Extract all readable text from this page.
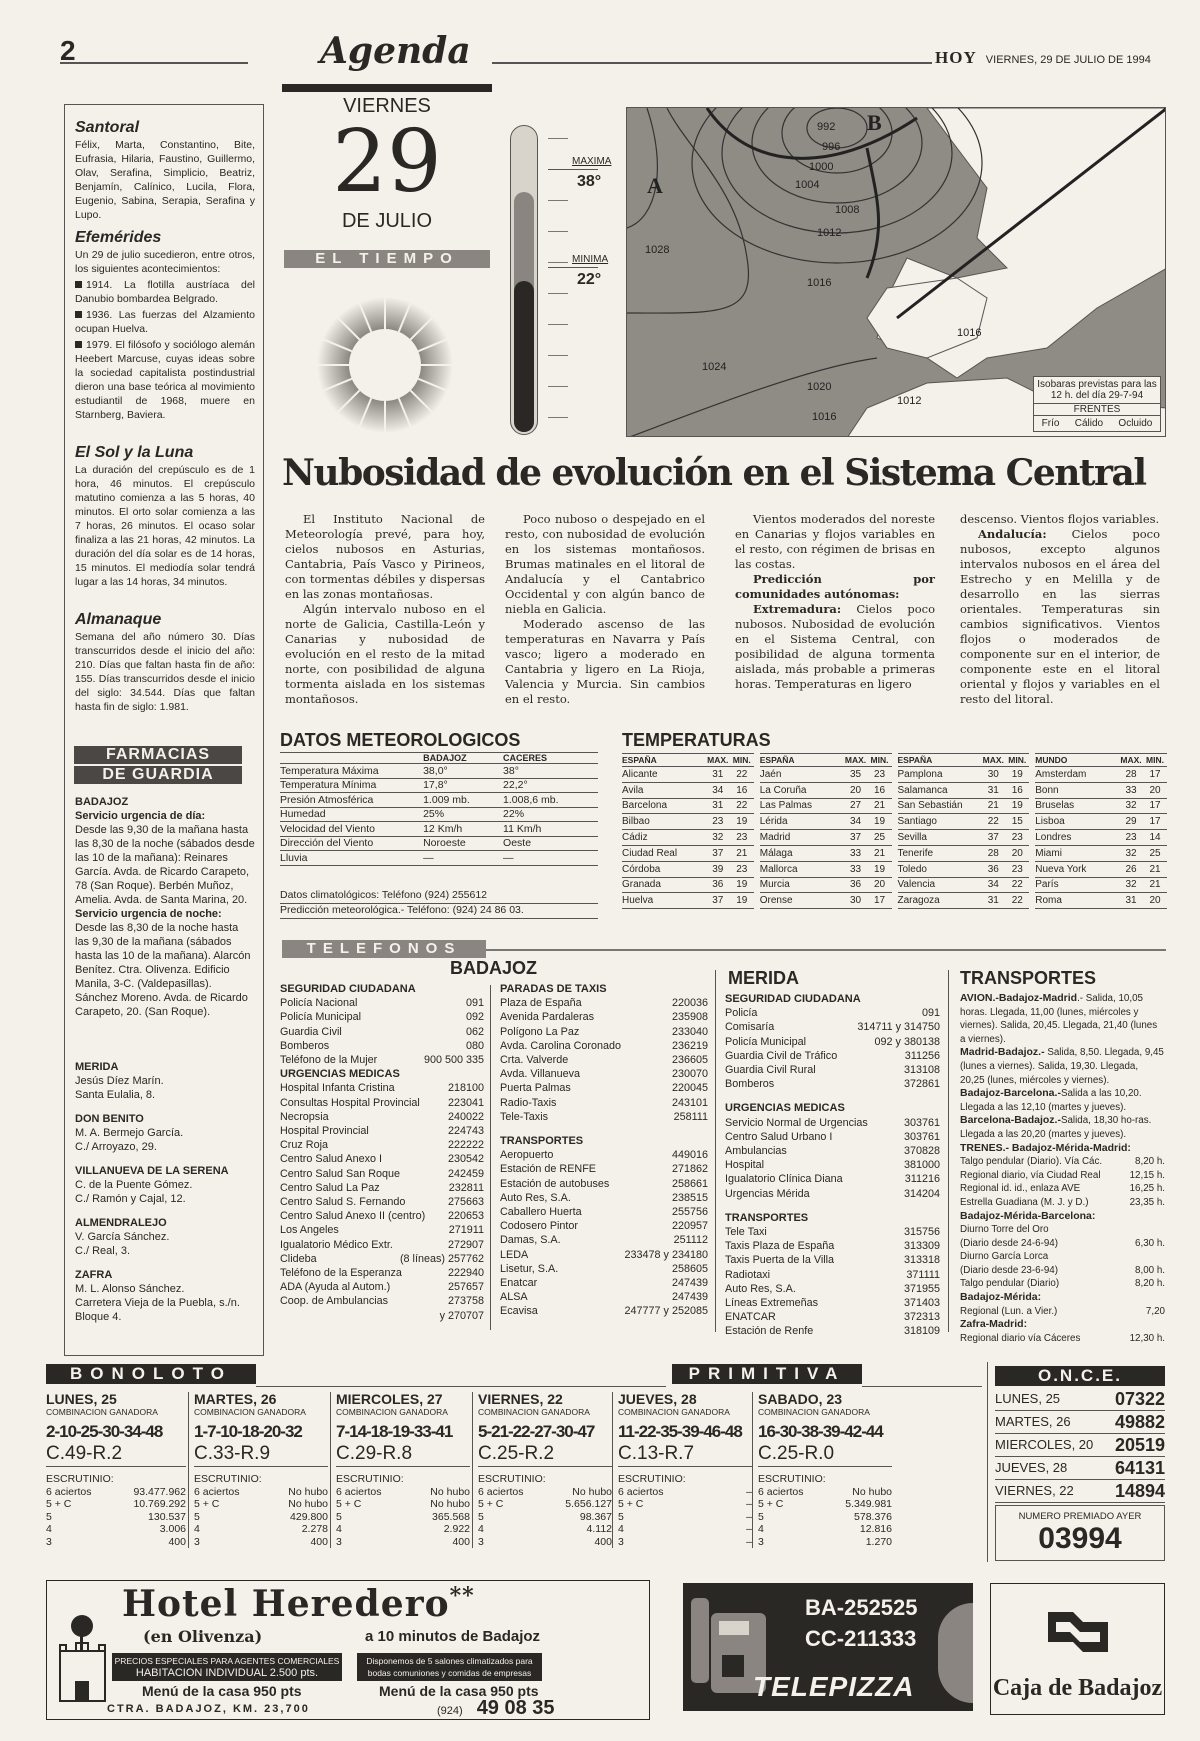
2	Agenda	HOY VIERNES, 29 DE JULIO DE 1994
Santoral

Félix, Marta, Constantino, Bite, Eufrasia, Hilaria, Faustino, Guillermo, Olav, Serafina, Simplicio, Beatriz, Benjamín, Calínico, Lucila, Flora, Eugenio, Sabina, Serapia, Serafina y Lupo.

Efemérides

Un 29 de julio sucedieron, entre otros, los siguientes acontecimientos:

1914. La flotilla austríaca del Danubio bombardea Belgrado.

1936. Las fuerzas del Alzamiento ocupan Huelva.

1979. El filósofo y sociólogo alemán Heebert Marcuse, cuyas ideas sobre la sociedad capitalista postindustrial dieron una base teórica al movimiento estudiantil de 1968, muere en Starnberg, Baviera.

El Sol y la Luna

La duración del crepúsculo es de 1 hora, 46 minutos. El crepúsculo matutino comienza a las 5 horas, 40 minutos. El orto solar comienza a las 7 horas, 26 minutos. El ocaso solar finaliza a las 21 horas, 42 minutos. La duración del día solar es de 14 horas, 15 minutos. El mediodía solar tendrá lugar a las 14 horas, 34 minutos.

Almanaque

Semana del año número 30. Días transcurridos desde el inicio del año: 210. Días que faltan hasta fin de año: 155. Días transcurridos desde el inicio del siglo: 34.544. Días que faltan hasta fin de siglo: 1.981.

FARMACIAS
DE GUARDIA
BADAJOZ
Servicio urgencia de día:
Desde las 9,30 de la mañana hasta las 8,30 de la noche (sábados desde las 10 de la mañana): Reinares García. Avda. de Ricardo Carapeto, 78 (San Roque). Berbén Muñoz, Amelia. Avda. de Santa Marina, 20.
Servicio urgencia de noche:
Desde las 8,30 de la noche hasta las 9,30 de la mañana (sábados hasta las 10 de la mañana). Alarcón Benítez. Ctra. Olivenza. Edificio Manila, 3-C. (Valdepasillas). Sánchez Moreno. Avda. de Ricardo Carapeto, 20. (San Roque).
MERIDA
Jesús Díez Marín.
Santa Eulalia, 8.
DON BENITO
M. A. Bermejo García.
C./ Arroyazo, 29.
VILLANUEVA DE LA SERENA
C. de la Puente Gómez.
C./ Ramón y Cajal, 12.
ALMENDRALEJO
V. García Sánchez.
C./ Real, 3.
ZAFRA
M. L. Alonso Sánchez.
Carretera Vieja de la Puebla, s./n. Bloque 4.
VIERNES
29
DE JULIO
EL TIEMPO
MAXIMA
38°
MINIMA
22°
A
B
992
996
1000
1004
1008
1012
1016
1016
1024
1020
1028
1016
1012
Isobaras previstas para las 12 h. del día 29-7-94
FRENTES
Frío Cálido Ocluido
Nubosidad de evolución en el Sistema Central

El Instituto Nacional de Meteorología prevé, para hoy, cielos nubosos en Asturias, Cantabria, País Vasco y Pirineos, con tormentas débiles y dispersas en las zonas montañosas.

Algún intervalo nuboso en el norte de Galicia, Castilla-León y Canarias y nubosidad de evolución en el resto de la mitad norte, con posibilidad de alguna tormenta aislada en los sistemas montañosos.

Poco nuboso o despejado en el resto, con nubosidad de evolución en los sistemas montañosos. Brumas matinales en el litoral de Andalucía y el Cantabrico Occidental y con algún banco de niebla en Galicia.

Moderado ascenso de las temperaturas en Navarra y País vasco; ligero a moderado en Cantabria y ligero en La Rioja, Valencia y Murcia. Sin cambios en el resto.

Vientos moderados del noreste en Canarias y flojos variables en el resto, con régimen de brisas en las costas.

Predicción por comunidades autónomas:

Extremadura: Cielos poco nubosos. Nubosidad de evolución en el Sistema Central, con posibilidad de alguna tormenta aislada, más probable a primeras horas. Temperaturas en ligero

descenso. Vientos flojos variables.

Andalucía: Cielos poco nubosos, excepto algunos intervalos nubosos en el área del Estrecho y en Melilla y de desarrollo en las sierras orientales. Temperaturas sin cambios significativos. Vientos flojos o moderados de componente sur en el interior, de componente este en el litoral oriental y flojos y variables en el resto del litoral.

DATOS METEOROLOGICOS
	BADAJOZ	CACERES
Temperatura Máxima	38,0°	38°
Temperatura Mínima	17,8°	22,2°
Presión Atmosférica	1.009 mb.	1.008,6 mb.
Humedad	25%	22%
Velocidad del Viento	12 Km/h	11 Km/h
Dirección del Viento	Noroeste	Oeste
Lluvia	—	—
Datos climatológicos: Teléfono (924) 255612
Predicción meteorológica.- Teléfono: (924) 24 86 03.
TEMPERATURAS
ESPAÑA	MAX.	MIN.
Alicante	31	22
Avila	34	16
Barcelona	31	22
Bilbao	23	19
Cádiz	32	23
Ciudad Real	37	21
Córdoba	39	23
Granada	36	19
Huelva	37	19
ESPAÑA	MAX.	MIN.
Jaén	35	23
La Coruña	20	16
Las Palmas	27	21
Lérida	34	19
Madrid	37	25
Málaga	33	21
Mallorca	33	19
Murcia	36	20
Orense	30	17
ESPAÑA	MAX.	MIN.
Pamplona	30	19
Salamanca	31	16
San Sebastián	21	19
Santiago	22	15
Sevilla	37	23
Tenerife	28	20
Toledo	36	23
Valencia	34	22
Zaragoza	31	22
MUNDO	MAX.	MIN.
Amsterdam	28	17
Bonn	33	20
Bruselas	32	17
Lisboa	29	17
Londres	23	14
Miami	32	25
Nueva York	26	21
París	32	21
Roma	31	20
TELEFONOS
BADAJOZ
SEGURIDAD CIUDADANA
Policía Nacional	091
Policía Municipal	092
Guardia Civil	062
Bomberos	080
Teléfono de la Mujer	900 500 335
URGENCIAS MEDICAS
Hospital Infanta Cristina	218100
Consultas Hospital Provincial	223041
Necropsia	240022
Hospital Provincial	224743
Cruz Roja	222222
Centro Salud Anexo I	230542
Centro Salud San Roque	242459
Centro Salud La Paz	232811
Centro Salud S. Fernando	275663
Centro Salud Anexo II (centro) 220653
Los Angeles	271911
Igualatorio Médico Extr.	272907
Clideba	(8 líneas) 257762
Teléfono de la Esperanza	222940
ADA (Ayuda al Autom.)	257657
Coop. de Ambulancias	273758
y 270707
PARADAS DE TAXIS
Plaza de España	220036
Avenida Pardaleras	235908
Polígono La Paz	233040
Avda. Carolina Coronado	236219
Crta. Valverde	236605
Avda. Villanueva	230070
Puerta Palmas	220045
Radio-Taxis	243101
Tele-Taxis	258111
TRANSPORTES
Aeropuerto	449016
Estación de RENFE	271862
Estación de autobuses	258661
Auto Res, S.A.	238515
Caballero Huerta	255756
Codosero Pintor	220957
Damas, S.A.	251112
LEDA	233478 y 234180
Lisetur, S.A.	258605
Enatcar	247439
ALSA	247439
Ecavisa	247777 y 252085
MERIDA
SEGURIDAD CIUDADANA
Policía	091
Comisaría	314711 y 314750
Policía Municipal	092 y 380138
Guardia Civil de Tráfico	311256
Guardia Civil Rural	313108
Bomberos	372861
URGENCIAS MEDICAS
Servicio Normal de Urgencias	303761
Centro Salud Urbano I	303761
Ambulancias	370828
Hospital	381000
Igualatorio Clínica Diana	311216
Urgencias Mérida	314204
TRANSPORTES
Tele Taxi	315756
Taxis Plaza de España	313309
Taxis Puerta de la Villa	313318
Radiotaxi	371111
Auto Res, S.A.	371955
Líneas Extremeñas	371403
ENATCAR	372313
Estación de Renfe	318109
TRANSPORTES
AVION.-Badajoz-Madrid.- Salida, 10,05 horas. Llegada, 11,00 (lunes, miércoles y viernes). Salida, 20,45. Llegada, 21,40 (lunes a viernes).
Madrid-Badajoz.- Salida, 8,50. Llegada, 9,45 (lunes a viernes). Salida, 19,30. Llegada, 20,25 (lunes, miércoles y viernes).
Badajoz-Barcelona.-Salida a las 10,20. Llegada a las 12,10 (martes y jueves).
Barcelona-Badajoz.-Salida, 18,30 ho-ras. Llegada a las 20,20 (martes y jueves).
TRENES.- Badajoz-Mérida-Madrid:
Talgo pendular (Diario). Vía Các.	8,20 h.
Regional diario, vía Ciudad Real	12,15 h.
Regional id. id., enlaza AVE	16,25 h.
Estrella Guadiana (M. J. y D.)	23,35 h.
Badajoz-Mérida-Barcelona:
Diurno Torre del Oro
(Diario desde 24-6-94)	6,30 h.
Diurno García Lorca
(Diario desde 23-6-94)	8,00 h.
Talgo pendular (Diario)	8,20 h.
Badajoz-Mérida:
Regional (Lun. a Vier.)	7,20
Zafra-Madrid:
Regional diario vía Cáceres	12,30 h.
BONOLOTO	PRIMITIVA
LUNES, 25
COMBINACION GANADORA
2-10-25-30-34-48
C.49-R.2
ESCRUTINIO:
6 aciertos	93.477.962
5 + C	10.769.292
5	130.537
4	3.006
3	400
MARTES, 26
COMBINACION GANADORA
1-7-10-18-20-32
C.33-R.9
ESCRUTINIO:
6 aciertos	No hubo
5 + C	No hubo
5	429.800
4	2.278
3	400
MIERCOLES, 27
COMBINACION GANADORA
7-14-18-19-33-41
C.29-R.8
ESCRUTINIO:
6 aciertos	No hubo
5 + C	No hubo
5	365.568
4	2.922
3	400
VIERNES, 22
COMBINACION GANADORA
5-21-22-27-30-47
C.25-R.2
ESCRUTINIO:
6 aciertos	No hubo
5 + C	5.656.127
5	98.367
4	4.112
3	400
JUEVES, 28
COMBINACION GANADORA
11-22-35-39-46-48
C.13-R.7
ESCRUTINIO:
6 aciertos	–
5 + C	–
5	–
4	–
3	–
SABADO, 23
COMBINACION GANADORA
16-30-38-39-42-44
C.25-R.0
ESCRUTINIO:
6 aciertos	No hubo
5 + C	5.349.981
5	578.376
4	12.816
3	1.270
O.N.C.E.
LUNES, 25	07322
MARTES, 26 49882
MIERCOLES, 20 20519
JUEVES, 28	64131
VIERNES, 22 14894
NUMERO PREMIADO AYER
03994
Hotel Heredero**
(en Olivenza)	a 10 minutos de Badajoz
PRECIOS ESPECIALES PARA AGENTES COMERCIALES
HABITACION INDIVIDUAL 2.500 pts.
Disponemos de 5 salones climatizados para bodas comuniones y comidas de empresas
Menú de la casa 950 pts	Menú de la casa 950 pts
CTRA. BADAJOZ, KM. 23,700	(924) 49 08 35
BA-252525
CC-211333
TELEPIZZA	Caja de Badajoz
